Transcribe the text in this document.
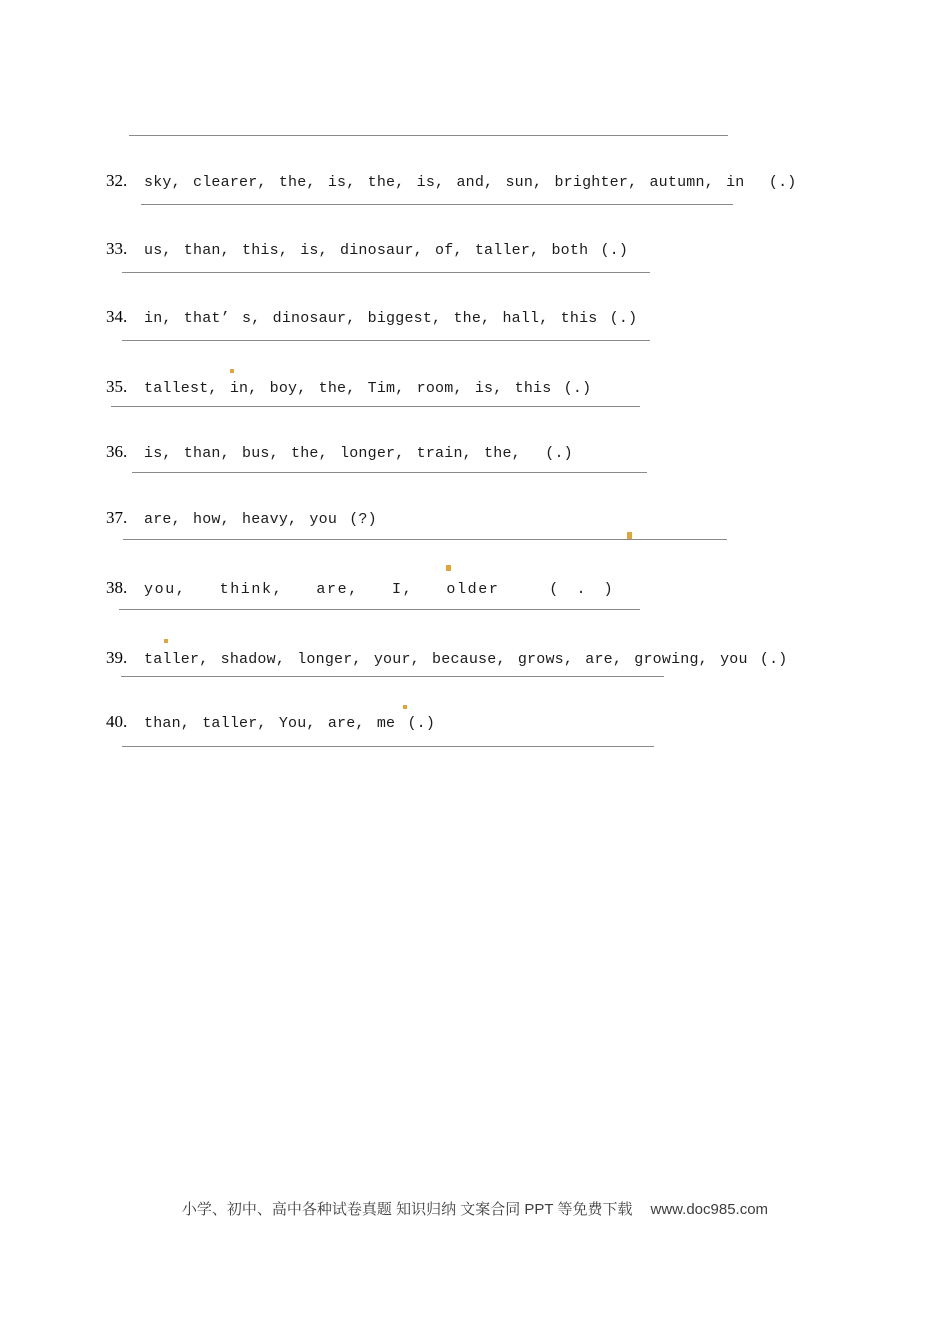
32. sky, clearer, the, is, the, is, and, sun, brighter, autumn, in  (.)

33. us, than, this, is, dinosaur, of, taller, both (.)

34. in, that’ s, dinosaur, biggest, the, hall, this (.)

35. tallest, in, boy, the, Tim, room, is, this (.)

36. is, than, bus, the, longer, train, the,  (.)

37. are, how, heavy, you (?)

38. you,  think,  are,  I,  older   ( . )

39. taller, shadow, longer, your, because, grows, are, growing, you (.)

40. than, taller, You, are, me (.)

小学、初中、高中各种试卷真题 知识归纳 文案合同 PPT 等免费下载 www.doc985.com
